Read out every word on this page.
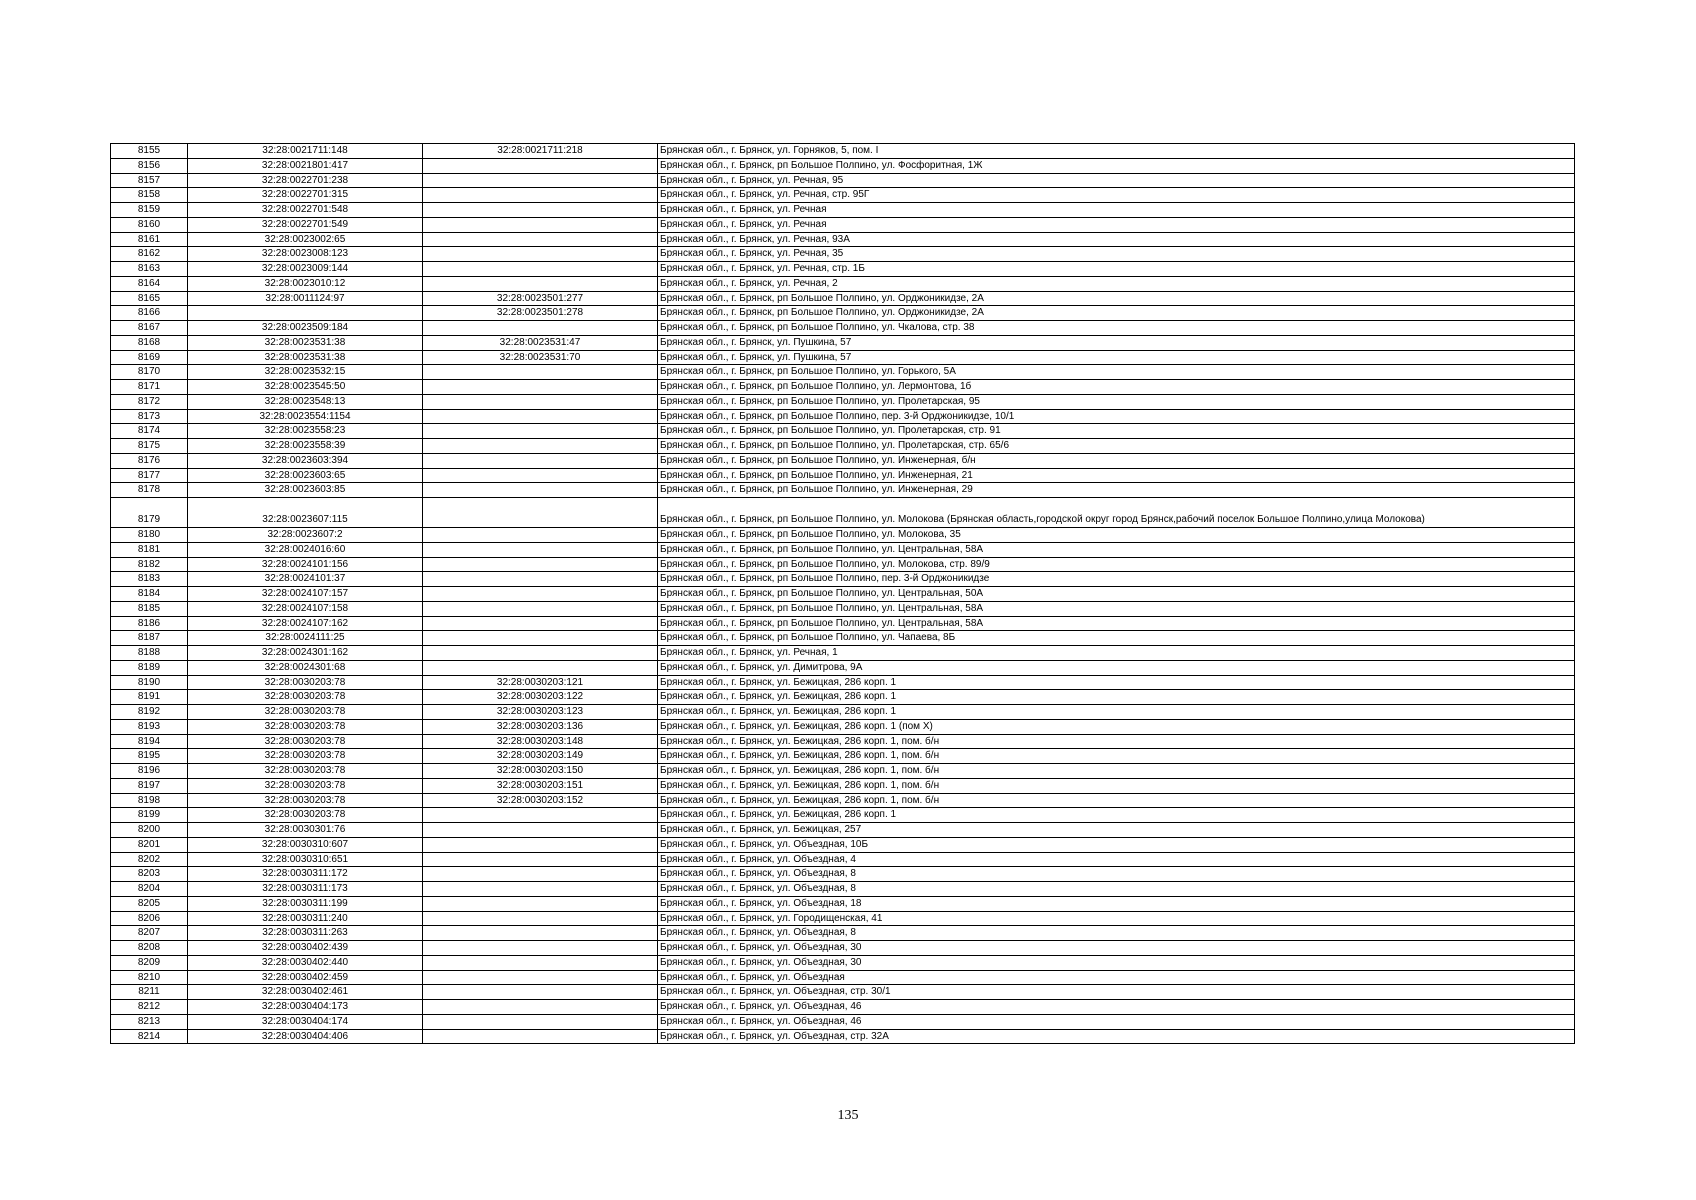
8155	32:28:0021711:148	32:28:0021711:218	Брянская обл., г. Брянск, ул. Горняков, 5, пом. I
8156	32:28:0021801:417		Брянская обл., г. Брянск, рп Большое Полпино, ул. Фосфоритная, 1Ж
8157	32:28:0022701:238		Брянская обл., г. Брянск, ул. Речная, 95
8158	32:28:0022701:315		Брянская обл., г. Брянск, ул. Речная, стр. 95Г
8159	32:28:0022701:548		Брянская обл., г. Брянск, ул. Речная
8160	32:28:0022701:549		Брянская обл., г. Брянск, ул. Речная
8161	32:28:0023002:65		Брянская обл., г. Брянск, ул. Речная, 93А
8162	32:28:0023008:123		Брянская обл., г. Брянск, ул. Речная, 35
8163	32:28:0023009:144		Брянская обл., г. Брянск, ул. Речная, стр. 1Б
8164	32:28:0023010:12		Брянская обл., г. Брянск, ул. Речная, 2
8165	32:28:0011124:97	32:28:0023501:277	Брянская обл., г. Брянск, рп Большое Полпино, ул. Орджоникидзе, 2А
8166		32:28:0023501:278	Брянская обл., г. Брянск, рп Большое Полпино, ул. Орджоникидзе, 2А
8167	32:28:0023509:184		Брянская обл., г. Брянск, рп Большое Полпино, ул. Чкалова, стр. 38
8168	32:28:0023531:38	32:28:0023531:47	Брянская обл., г. Брянск, ул. Пушкина, 57
8169	32:28:0023531:38	32:28:0023531:70	Брянская обл., г. Брянск, ул. Пушкина, 57
8170	32:28:0023532:15		Брянская обл., г. Брянск, рп Большое Полпино, ул. Горького, 5А
8171	32:28:0023545:50		Брянская обл., г. Брянск, рп Большое Полпино, ул. Лермонтова, 1б
8172	32:28:0023548:13		Брянская обл., г. Брянск, рп Большое Полпино, ул. Пролетарская, 95
8173	32:28:0023554:1154		Брянская обл., г. Брянск, рп Большое Полпино, пер. 3-й Орджоникидзе, 10/1
8174	32:28:0023558:23		Брянская обл., г. Брянск, рп Большое Полпино, ул. Пролетарская, стр. 91
8175	32:28:0023558:39		Брянская обл., г. Брянск, рп Большое Полпино, ул. Пролетарская, стр. 65/6
8176	32:28:0023603:394		Брянская обл., г. Брянск, рп Большое Полпино, ул. Инженерная, б/н
8177	32:28:0023603:65		Брянская обл., г. Брянск, рп Большое Полпино, ул. Инженерная, 21
8178	32:28:0023603:85		Брянская обл., г. Брянск, рп Большое Полпино, ул. Инженерная, 29
8179	32:28:0023607:115		Брянская обл., г. Брянск, рп Большое Полпино, ул. Молокова (Брянская область,городской округ город Брянск,рабочий поселок Большое Полпино,улица Молокова)
8180	32:28:0023607:2		Брянская обл., г. Брянск, рп Большое Полпино, ул. Молокова, 35
8181	32:28:0024016:60		Брянская обл., г. Брянск, рп Большое Полпино, ул. Центральная, 58А
8182	32:28:0024101:156		Брянская обл., г. Брянск, рп Большое Полпино, ул. Молокова, стр. 89/9
8183	32:28:0024101:37		Брянская обл., г. Брянск, рп Большое Полпино, пер. 3-й Орджоникидзе
8184	32:28:0024107:157		Брянская обл., г. Брянск, рп Большое Полпино, ул. Центральная, 50А
8185	32:28:0024107:158		Брянская обл., г. Брянск, рп Большое Полпино, ул. Центральная, 58А
8186	32:28:0024107:162		Брянская обл., г. Брянск, рп Большое Полпино, ул. Центральная, 58А
8187	32:28:0024111:25		Брянская обл., г. Брянск, рп Большое Полпино, ул. Чапаева, 8Б
8188	32:28:0024301:162		Брянская обл., г. Брянск, ул. Речная, 1
8189	32:28:0024301:68		Брянская обл., г. Брянск, ул. Димитрова, 9А
8190	32:28:0030203:78	32:28:0030203:121	Брянская обл., г. Брянск, ул. Бежицкая, 286 корп. 1
8191	32:28:0030203:78	32:28:0030203:122	Брянская обл., г. Брянск, ул. Бежицкая, 286 корп. 1
8192	32:28:0030203:78	32:28:0030203:123	Брянская обл., г. Брянск, ул. Бежицкая, 286 корп. 1
8193	32:28:0030203:78	32:28:0030203:136	Брянская обл., г. Брянск, ул. Бежицкая, 286 корп. 1 (пом X)
8194	32:28:0030203:78	32:28:0030203:148	Брянская обл., г. Брянск, ул. Бежицкая, 286 корп. 1, пом. б/н
8195	32:28:0030203:78	32:28:0030203:149	Брянская обл., г. Брянск, ул. Бежицкая, 286 корп. 1, пом. б/н
8196	32:28:0030203:78	32:28:0030203:150	Брянская обл., г. Брянск, ул. Бежицкая, 286 корп. 1, пом. б/н
8197	32:28:0030203:78	32:28:0030203:151	Брянская обл., г. Брянск, ул. Бежицкая, 286 корп. 1, пом. б/н
8198	32:28:0030203:78	32:28:0030203:152	Брянская обл., г. Брянск, ул. Бежицкая, 286 корп. 1, пом. б/н
8199	32:28:0030203:78		Брянская обл., г. Брянск, ул. Бежицкая, 286 корп. 1
8200	32:28:0030301:76		Брянская обл., г. Брянск, ул. Бежицкая, 257
8201	32:28:0030310:607		Брянская обл., г. Брянск, ул. Объездная, 10Б
8202	32:28:0030310:651		Брянская обл., г. Брянск, ул. Объездная, 4
8203	32:28:0030311:172		Брянская обл., г. Брянск, ул. Объездная, 8
8204	32:28:0030311:173		Брянская обл., г. Брянск, ул. Объездная, 8
8205	32:28:0030311:199		Брянская обл., г. Брянск, ул. Объездная, 18
8206	32:28:0030311:240		Брянская обл., г. Брянск, ул. Городищенская, 41
8207	32:28:0030311:263		Брянская обл., г. Брянск, ул. Объездная, 8
8208	32:28:0030402:439		Брянская обл., г. Брянск, ул. Объездная, 30
8209	32:28:0030402:440		Брянская обл., г. Брянск, ул. Объездная, 30
8210	32:28:0030402:459		Брянская обл., г. Брянск, ул. Объездная
8211	32:28:0030402:461		Брянская обл., г. Брянск, ул. Объездная, стр. 30/1
8212	32:28:0030404:173		Брянская обл., г. Брянск, ул. Объездная, 46
8213	32:28:0030404:174		Брянская обл., г. Брянск, ул. Объездная, 46
8214	32:28:0030404:406		Брянская обл., г. Брянск, ул. Объездная, стр. 32А
135
